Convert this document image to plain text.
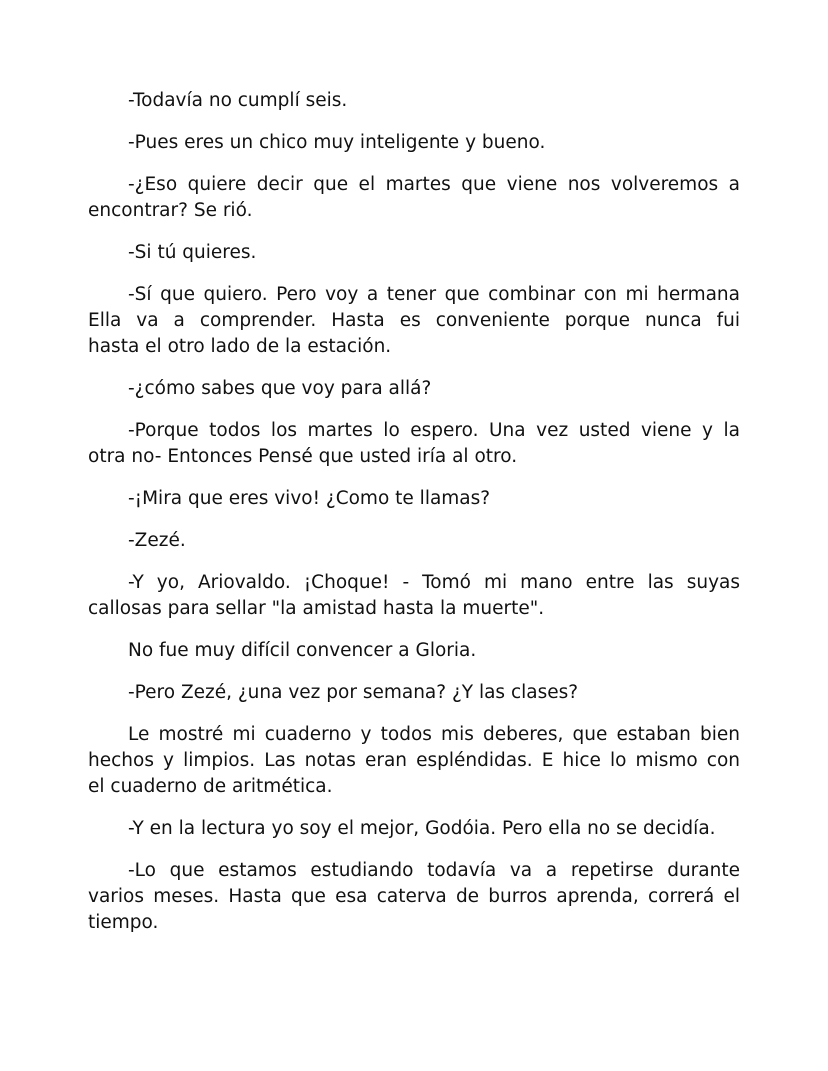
-Todavía no cumplí seis.
-Pues eres un chico muy inteligente y bueno.
-¿Eso quiere decir que el martes que viene nos volveremos a
encontrar? Se rió.
-Si tú quieres.
-Sí que quiero. Pero voy a tener que combinar con mi hermana
Ella va a comprender. Hasta es conveniente porque nunca fui
hasta el otro lado de la estación.
-¿cómo sabes que voy para allá?
-Porque todos los martes lo espero. Una vez usted viene y la
otra no- Entonces Pensé que usted iría al otro.
-¡Mira que eres vivo! ¿Como te llamas?
-Zezé.
-Y yo, Ariovaldo. ¡Choque! - Tomó mi mano entre las suyas
callosas para sellar "la amistad hasta la muerte".
No fue muy difícil convencer a Gloria.
-Pero Zezé, ¿una vez por semana? ¿Y las clases?
Le mostré mi cuaderno y todos mis deberes, que estaban bien
hechos y limpios. Las notas eran espléndidas. E hice lo mismo con
el cuaderno de aritmética.
-Y en la lectura yo soy el mejor, Godóia. Pero ella no se decidía.
-Lo que estamos estudiando todavía va a repetirse durante
varios meses. Hasta que esa caterva de burros aprenda, correrá el
tiempo.
